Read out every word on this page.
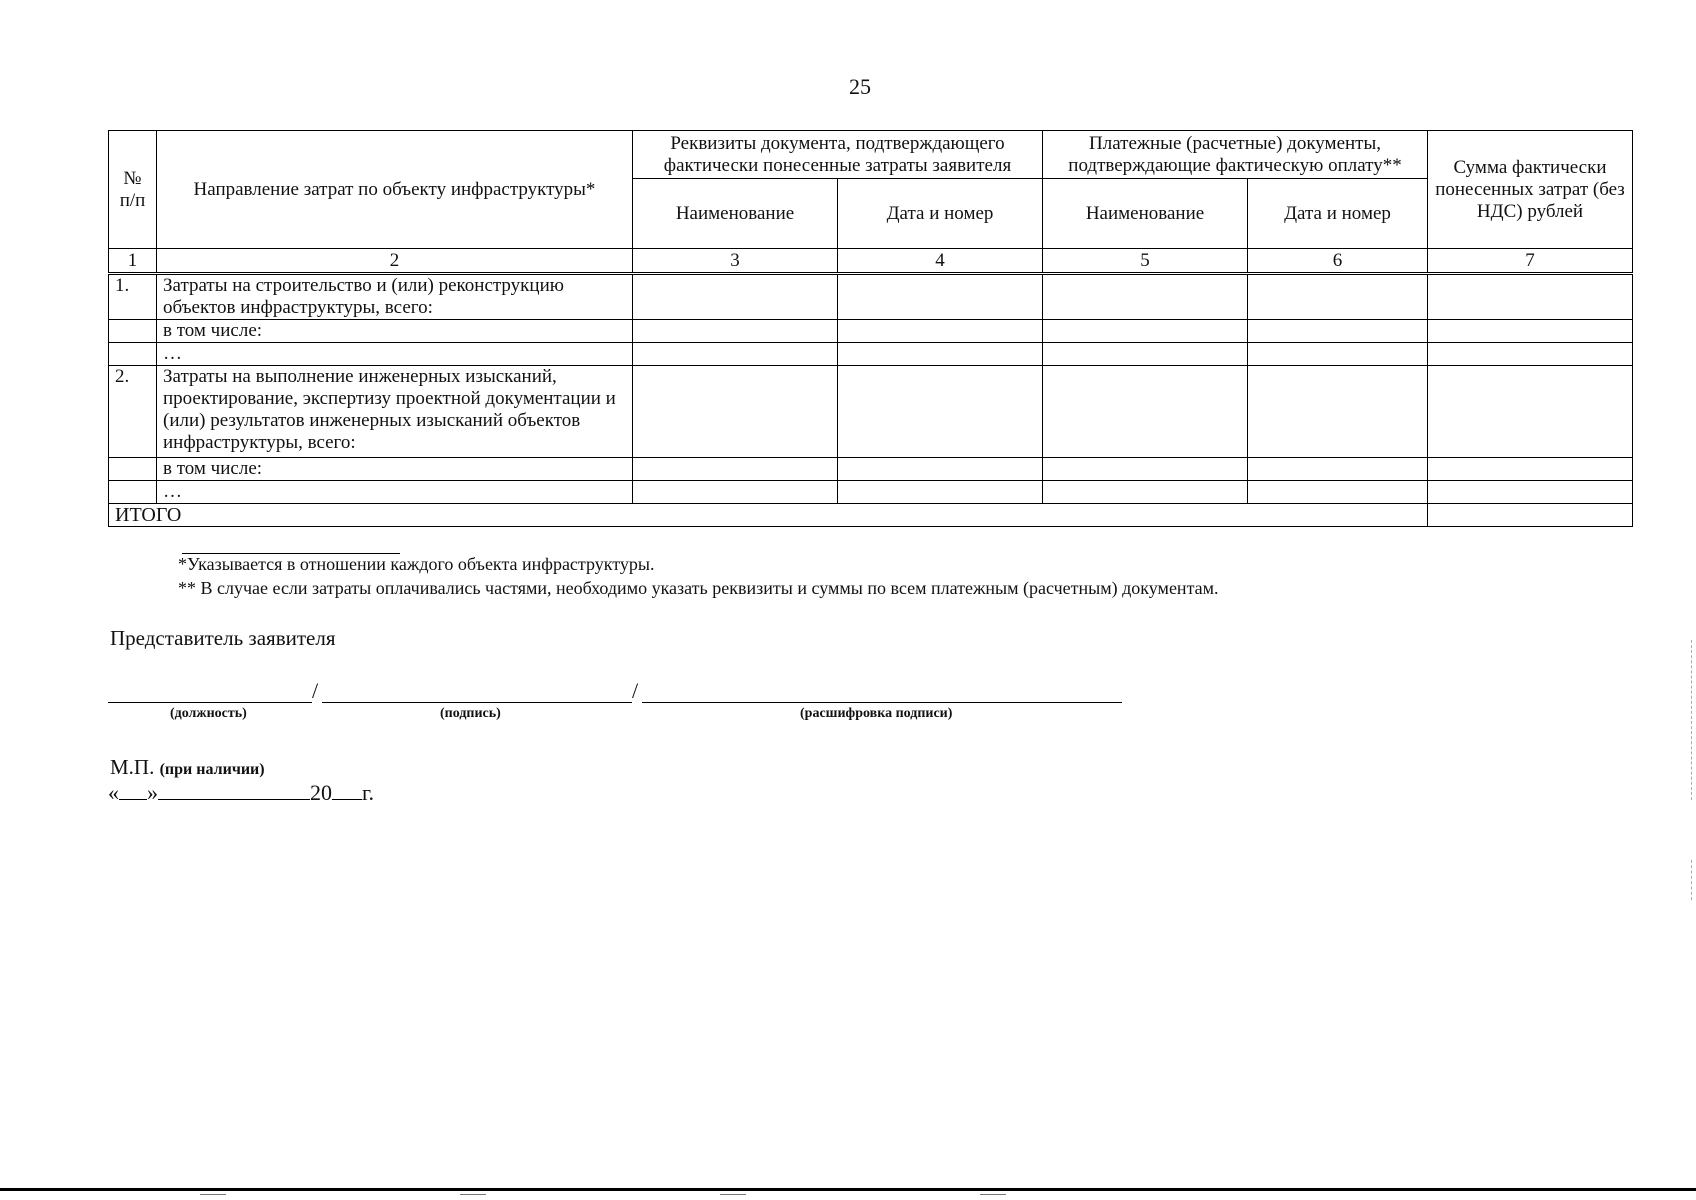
25
№ п/п	Направление затрат по объекту инфраструктуры*	Реквизиты документа, подтверждающего фактически понесенные затраты заявителя		Платежные (расчетные) документы, подтверждающие фактическую оплату**		Сумма фактически понесенных затрат (без НДС) рублей
		Наименование	Дата и номер	Наименование	Дата и номер	
1	2	3	4	5	6	7
1.	Затраты на строительство и (или) реконструкцию объектов инфраструктуры, всего:					
	в том числе:					
	…					
2.	Затраты на выполнение инженерных изысканий, проектирование, экспертизу проектной документации и (или) результатов инженерных изысканий объектов инфраструктуры, всего:					
	в том числе:					
	…					
ИТОГО						
*Указывается в отношении каждого объекта инфраструктуры.
** В случае если затраты оплачивались частями, необходимо указать реквизиты и суммы по всем платежным (расчетным) документам.
Представитель заявителя
/	/
(должность)	(подпись)	(расшифровка подписи)
М.П. (при наличии)
« »	20 г.
